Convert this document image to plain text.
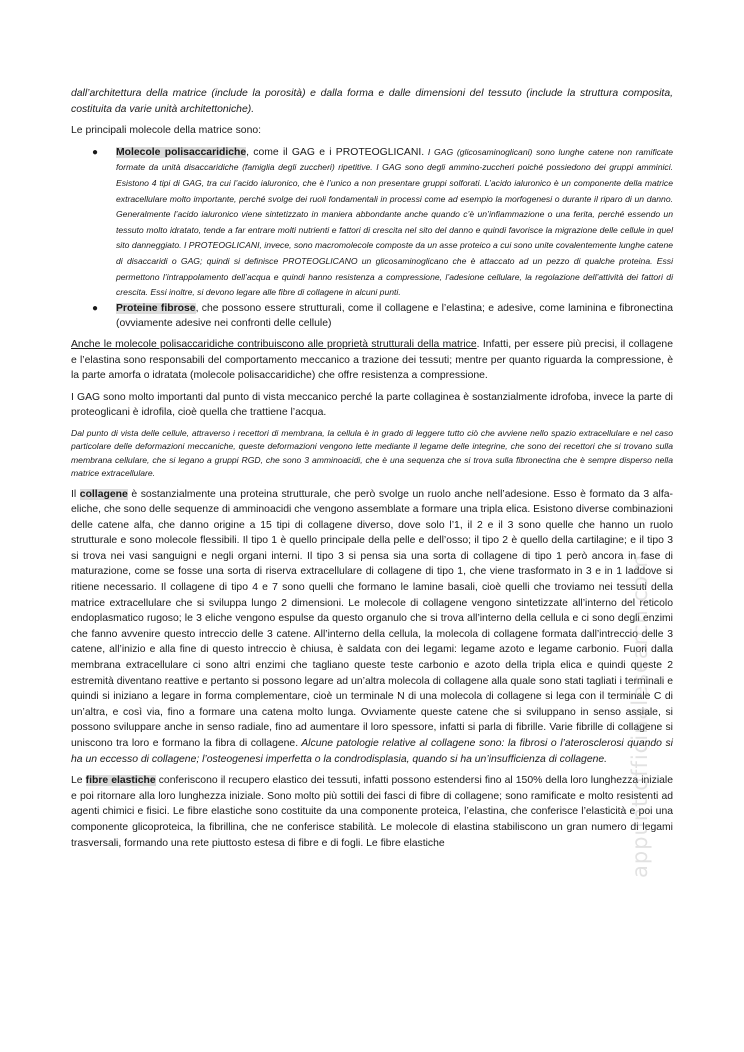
dall’architettura della matrice (include la porosità) e dalla forma e dalle dimensioni del tessuto (include la struttura composita, costituita da varie unità architettoniche).

Le principali molecole della matrice sono:

● Molecole polisaccaridiche, come il GAG e i PROTEOGLICANI. I GAG (glicosaminoglicani) sono lunghe catene non ramificate formate da unità disaccaridiche (famiglia degli zuccheri) ripetitive. I GAG sono degli ammino-zuccheri poiché possiedono dei gruppi amminici. Esistono 4 tipi di GAG, tra cui l’acido ialuronico, che è l’unico a non presentare gruppi solforati. L’acido ialuronico è un componente della matrice extracellulare molto importante, perché svolge dei ruoli fondamentali in processi come ad esempio la morfogenesi o durante il riparo di un danno. Generalmente l’acido ialuronico viene sintetizzato in maniera abbondante anche quando c’è un’infiammazione o una ferita, perché essendo un tessuto molto idratato, tende a far entrare molti nutrienti e fattori di crescita nel sito del danno e quindi favorisce la migrazione delle cellule in quel sito danneggiato. I PROTEOGLICANI, invece, sono macromolecole composte da un asse proteico a cui sono unite covalentemente lunghe catene di disaccaridi o GAG; quindi si definisce PROTEOGLICANO un glicosaminoglicano che è attaccato ad un pezzo di qualche proteina. Essi permettono l’intrappolamento dell’acqua e quindi hanno resistenza a compressione, l’adesione cellulare, la regolazione dell’attività dei fattori di crescita. Essi inoltre, si devono legare alle fibre di collagene in alcuni punti.
● Proteine fibrose, che possono essere strutturali, come il collagene e l’elastina; e adesive, come laminina e fibronectina (ovviamente adesive nei confronti delle cellule)

Anche le molecole polisaccaridiche contribuiscono alle proprietà strutturali della matrice. Infatti, per essere più precisi, il collagene e l’elastina sono responsabili del comportamento meccanico a trazione dei tessuti; mentre per quanto riguarda la compressione, è la parte amorfa o idratata (molecole polisaccaridiche) che offre resistenza a compressione.

I GAG sono molto importanti dal punto di vista meccanico perché la parte collaginea è sostanzialmente idrofoba, invece la parte di proteoglicani è idrofila, cioè quella che trattiene l’acqua.

Dal punto di vista delle cellule, attraverso i recettori di membrana, la cellula è in grado di leggere tutto ciò che avviene nello spazio extracellulare e nel caso particolare delle deformazioni meccaniche, queste deformazioni vengono lette mediante il legame delle integrine, che sono dei recettori che si trovano sulla membrana cellulare, che si legano a gruppi RGD, che sono 3 amminoacidi, che è una sequenza che si trova sulla fibronectina che è sempre disperso nella matrice extracellulare.

Il collagene è sostanzialmente una proteina strutturale, che però svolge un ruolo anche nell’adesione. Esso è formato da 3 alfa-eliche, che sono delle sequenze di amminoacidi che vengono assemblate a formare una tripla elica. Esistono diverse combinazioni delle catene alfa, che danno origine a 15 tipi di collagene diverso, dove solo l’1, il 2 e il 3 sono quelle che hanno un ruolo strutturale e sono molecole flessibili. Il tipo 1 è quello principale della pelle e dell’osso; il tipo 2 è quello della cartilagine; e il tipo 3 si trova nei vasi sanguigni e negli organi interni. Il tipo 3 si pensa sia una sorta di collagene di tipo 1 però ancora in fase di maturazione, come se fosse una sorta di riserva extracellulare di collagene di tipo 1, che viene trasformato in 3 e in 1 laddove si ritiene necessario. Il collagene di tipo 4 e 7 sono quelli che formano le lamine basali, cioè quelli che troviamo nei tessuti della matrice extracellulare che si sviluppa lungo 2 dimensioni. Le molecole di collagene vengono sintetizzate all’interno del reticolo endoplasmatico rugoso; le 3 eliche vengono espulse da questo organulo che si trova all’interno della cellula e ci sono degli enzimi che fanno avvenire questo intreccio delle 3 catene. All’interno della cellula, la molecola di collagene formata dall’intreccio delle 3 catene, all’inizio e alla fine di questo intreccio è chiusa, è saldata con dei legami: legame azoto e legame carbonio. Fuori dalla membrana extracellulare ci sono altri enzimi che tagliano queste teste carbonio e azoto della tripla elica e quindi queste 2 estremità diventano reattive e pertanto si possono legare ad un’altra molecola di collagene alla quale sono stati tagliati i terminali e quindi si iniziano a legare in forma complementare, cioè un terminale N di una molecola di collagene si lega con il terminale C di un’altra, e così via, fino a formare una catena molto lunga. Ovviamente queste catene che si sviluppano in senso assiale, si possono sviluppare anche in senso radiale, fino ad aumentare il loro spessore, infatti si parla di fibrille. Varie fibrille di collagene si uniscono tra loro e formano la fibra di collagene. Alcune patologie relative al collagene sono: la fibrosi o l’aterosclerosi quando si ha un eccesso di collagene; l’osteogenesi imperfetta o la condrodisplasia, quando si ha un’insufficienza di collagene.

Le fibre elastiche conferiscono il recupero elastico dei tessuti, infatti possono estendersi fino al 150% della loro lunghezza iniziale e poi ritornare alla loro lunghezza iniziale. Sono molto più sottili dei fasci di fibre di collagene; sono ramificate e molto resistenti ad agenti chimici e fisici. Le fibre elastiche sono costituite da una componente proteica, l’elastina, che conferisce l’elasticità e poi una componente glicoproteica, la fibrillina, che ne conferisce stabilità. Le molecole di elastina stabiliscono un gran numero di legami trasversali, formando una rete piuttosto estesa di fibre e di fogli. Le fibre elastiche	appuntiofficinalesearch.com
